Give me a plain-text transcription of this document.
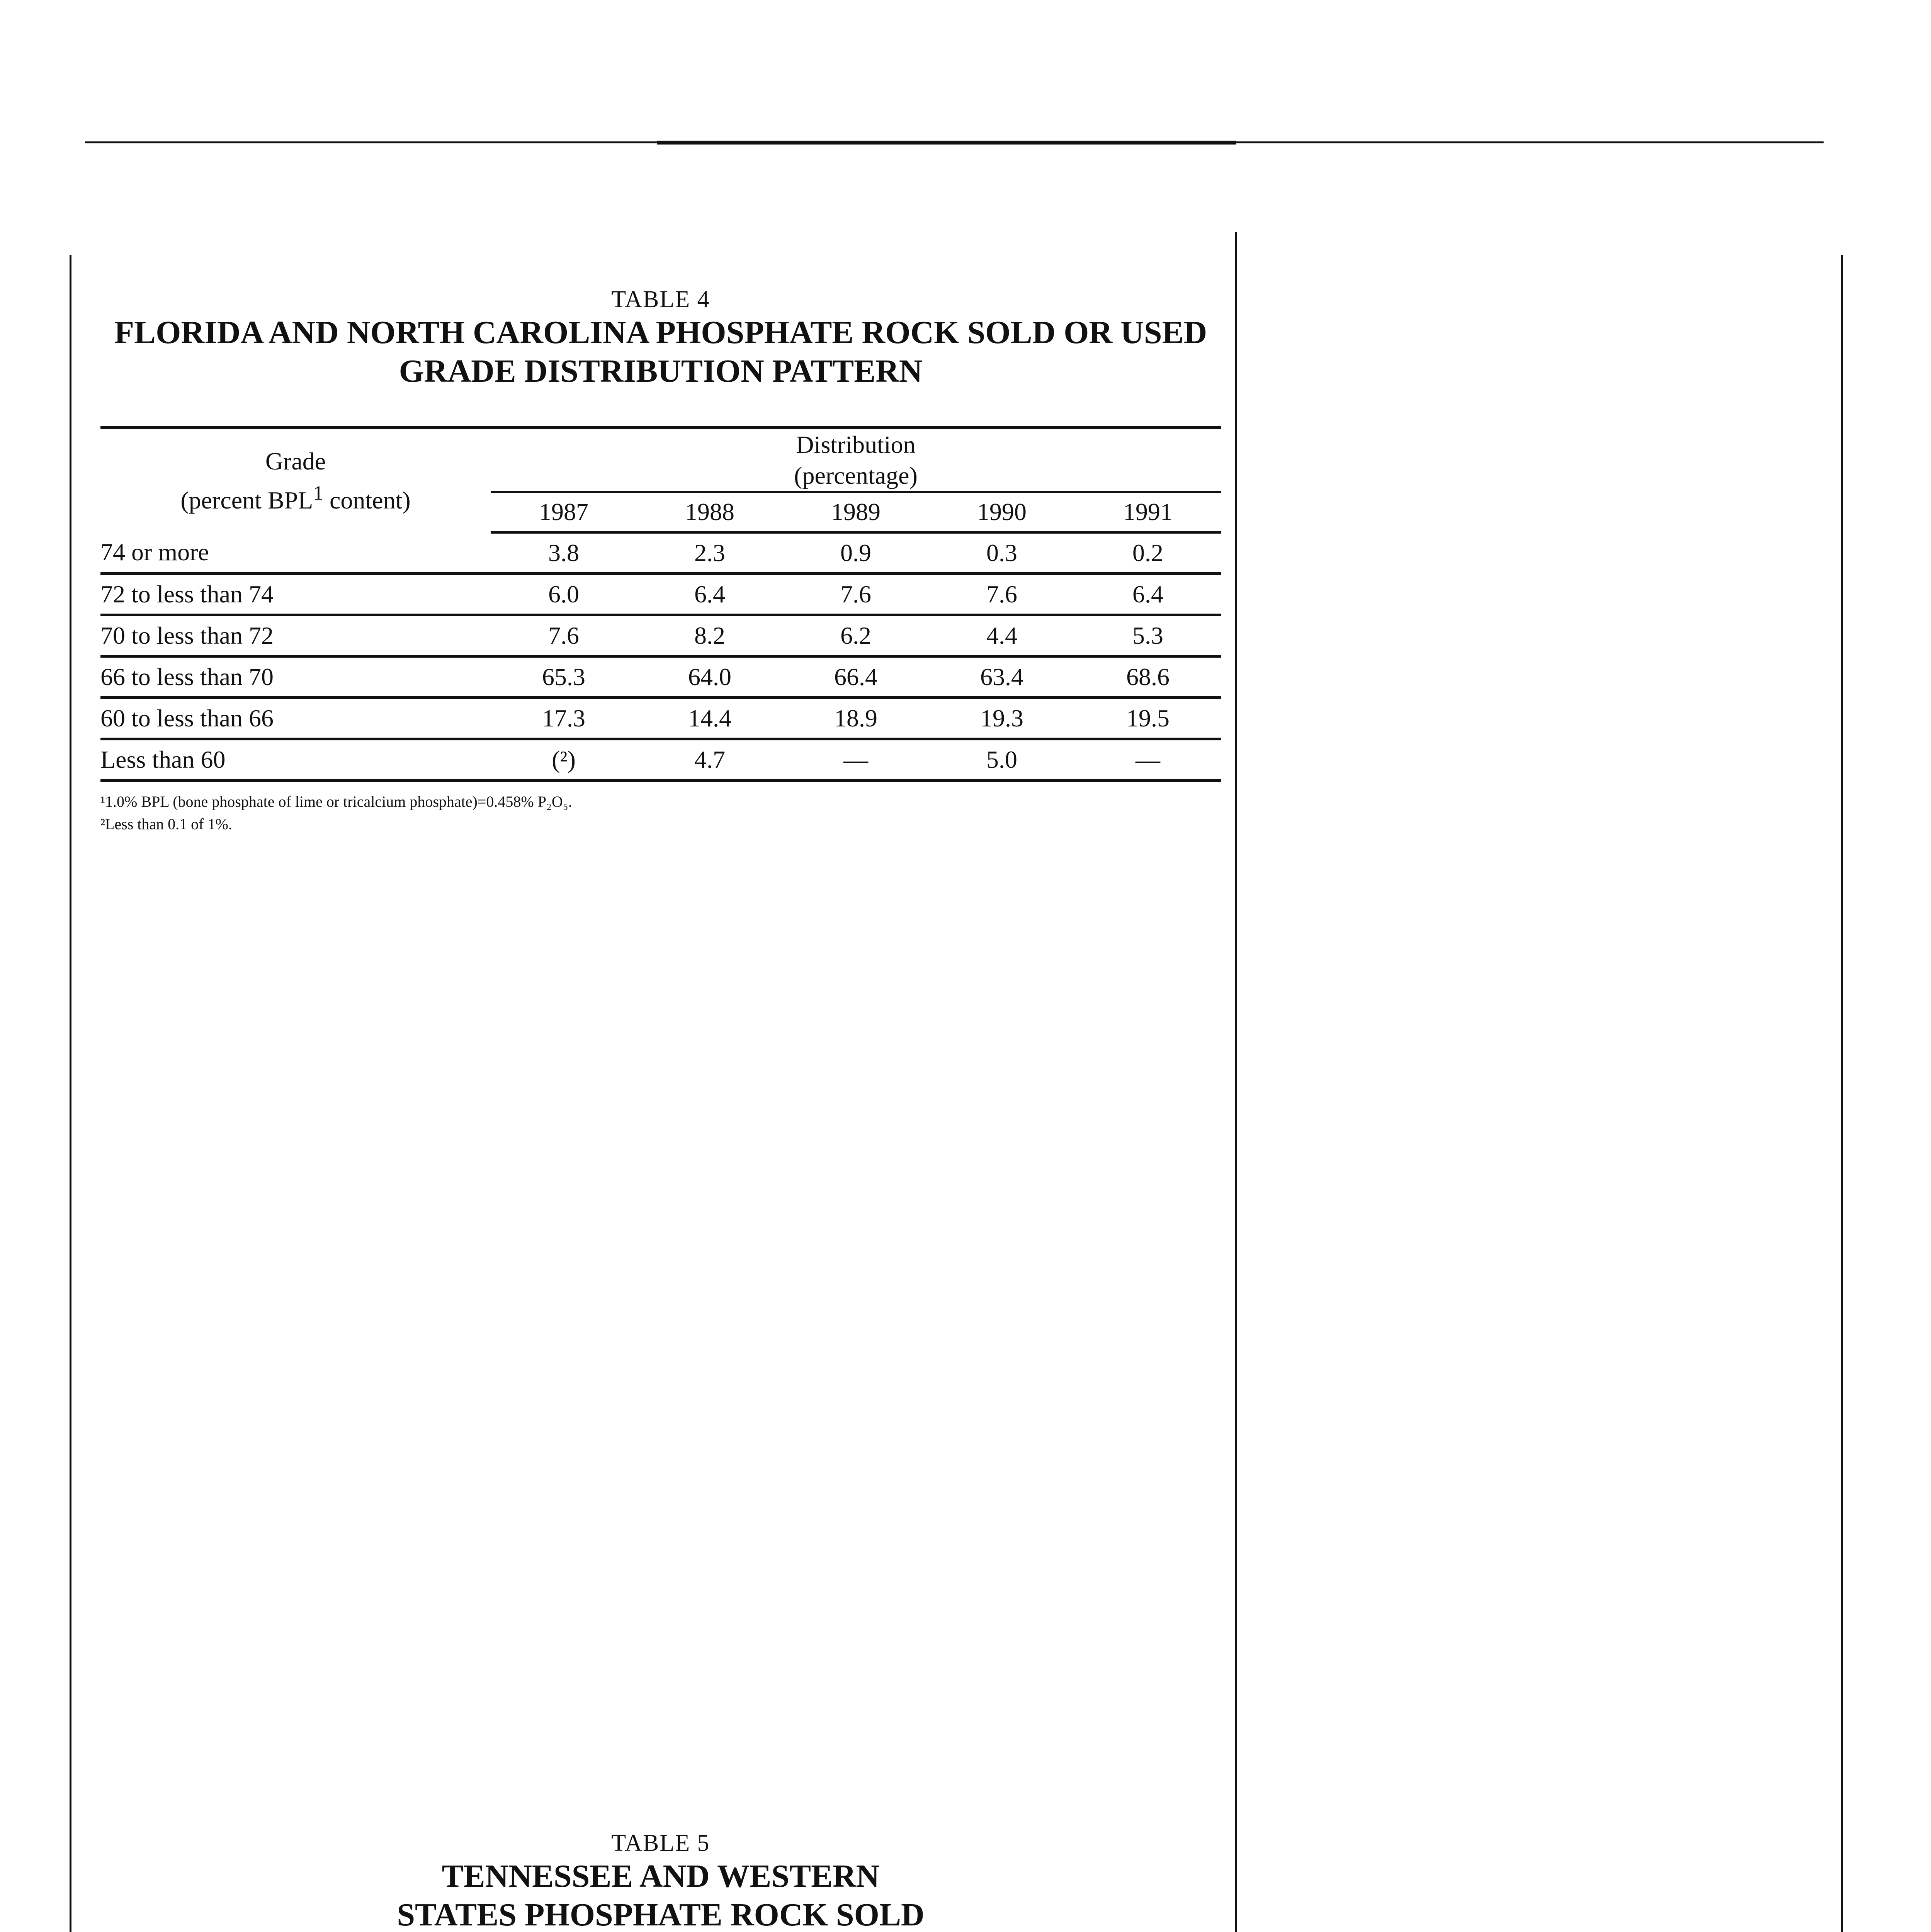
TABLE 4
FLORIDA AND NORTH CAROLINA PHOSPHATE ROCK SOLD OR USED
GRADE DISTRIBUTION PATTERN
Grade
(percent BPL$^1$ content)	Distribution
(percentage)				
	1987	1988	1989	1990	1991
74 or more	3.8	2.3	0.9	0.3	0.2
72 to less than 74	6.0	6.4	7.6	7.6	6.4
70 to less than 72	7.6	8.2	6.2	4.4	5.3
66 to less than 70	65.3	64.0	66.4	63.4	68.6
60 to less than 66	17.3	14.4	18.9	19.3	19.5
Less than 60	(²)	4.7	—	5.0	—
¹1.0% BPL (bone phosphate of lime or tricalcium phosphate)=0.458% P₂O₅.
²Less than 0.1 of 1%.
TABLE 5
TENNESSEE AND WESTERN
STATES PHOSPHATE ROCK SOLD
